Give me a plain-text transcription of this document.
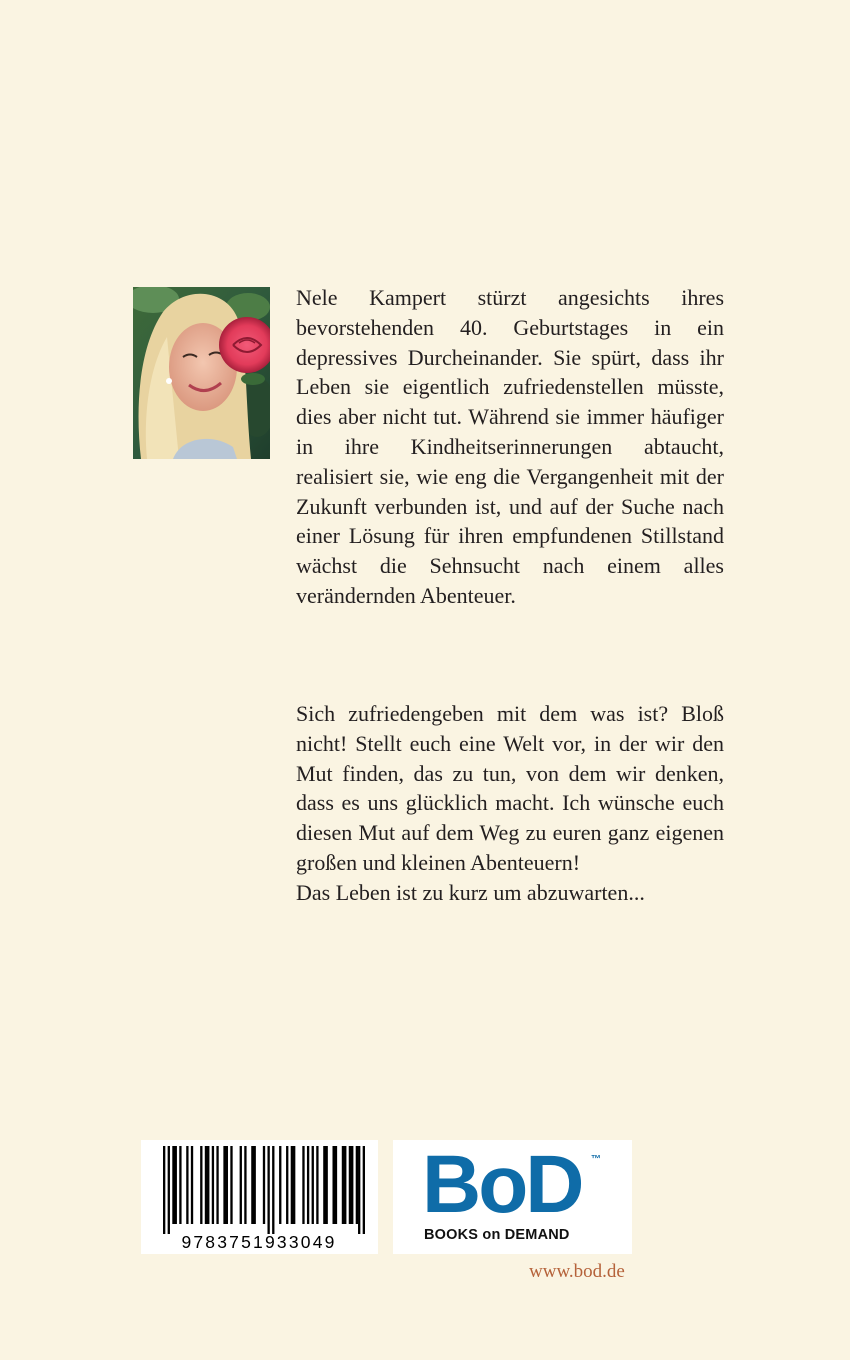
Nele Kampert stürzt angesichts ihres bevorstehenden 40. Geburtstages in ein depressives Durcheinander. Sie spürt, dass ihr Leben sie eigentlich zufriedenstellen müsste, dies aber nicht tut. Während sie immer häufiger in ihre Kindheitserinnerungen abtaucht, realisiert sie, wie eng die Vergangenheit mit der Zukunft verbunden ist, und auf der Suche nach einer Lösung für ihren empfundenen Stillstand wächst die Sehnsucht nach einem alles verändernden Abenteuer.

Sich zufriedengeben mit dem was ist? Bloß nicht! Stellt euch eine Welt vor, in der wir den Mut finden, das zu tun, von dem wir denken, dass es uns glücklich macht. Ich wünsche euch diesen Mut auf dem Weg zu euren ganz eigenen großen und kleinen Abenteuern!
Das Leben ist zu kurz um abzuwarten...

9783751933049
BoD ™
BOOKS on DEMAND
www.bod.de
